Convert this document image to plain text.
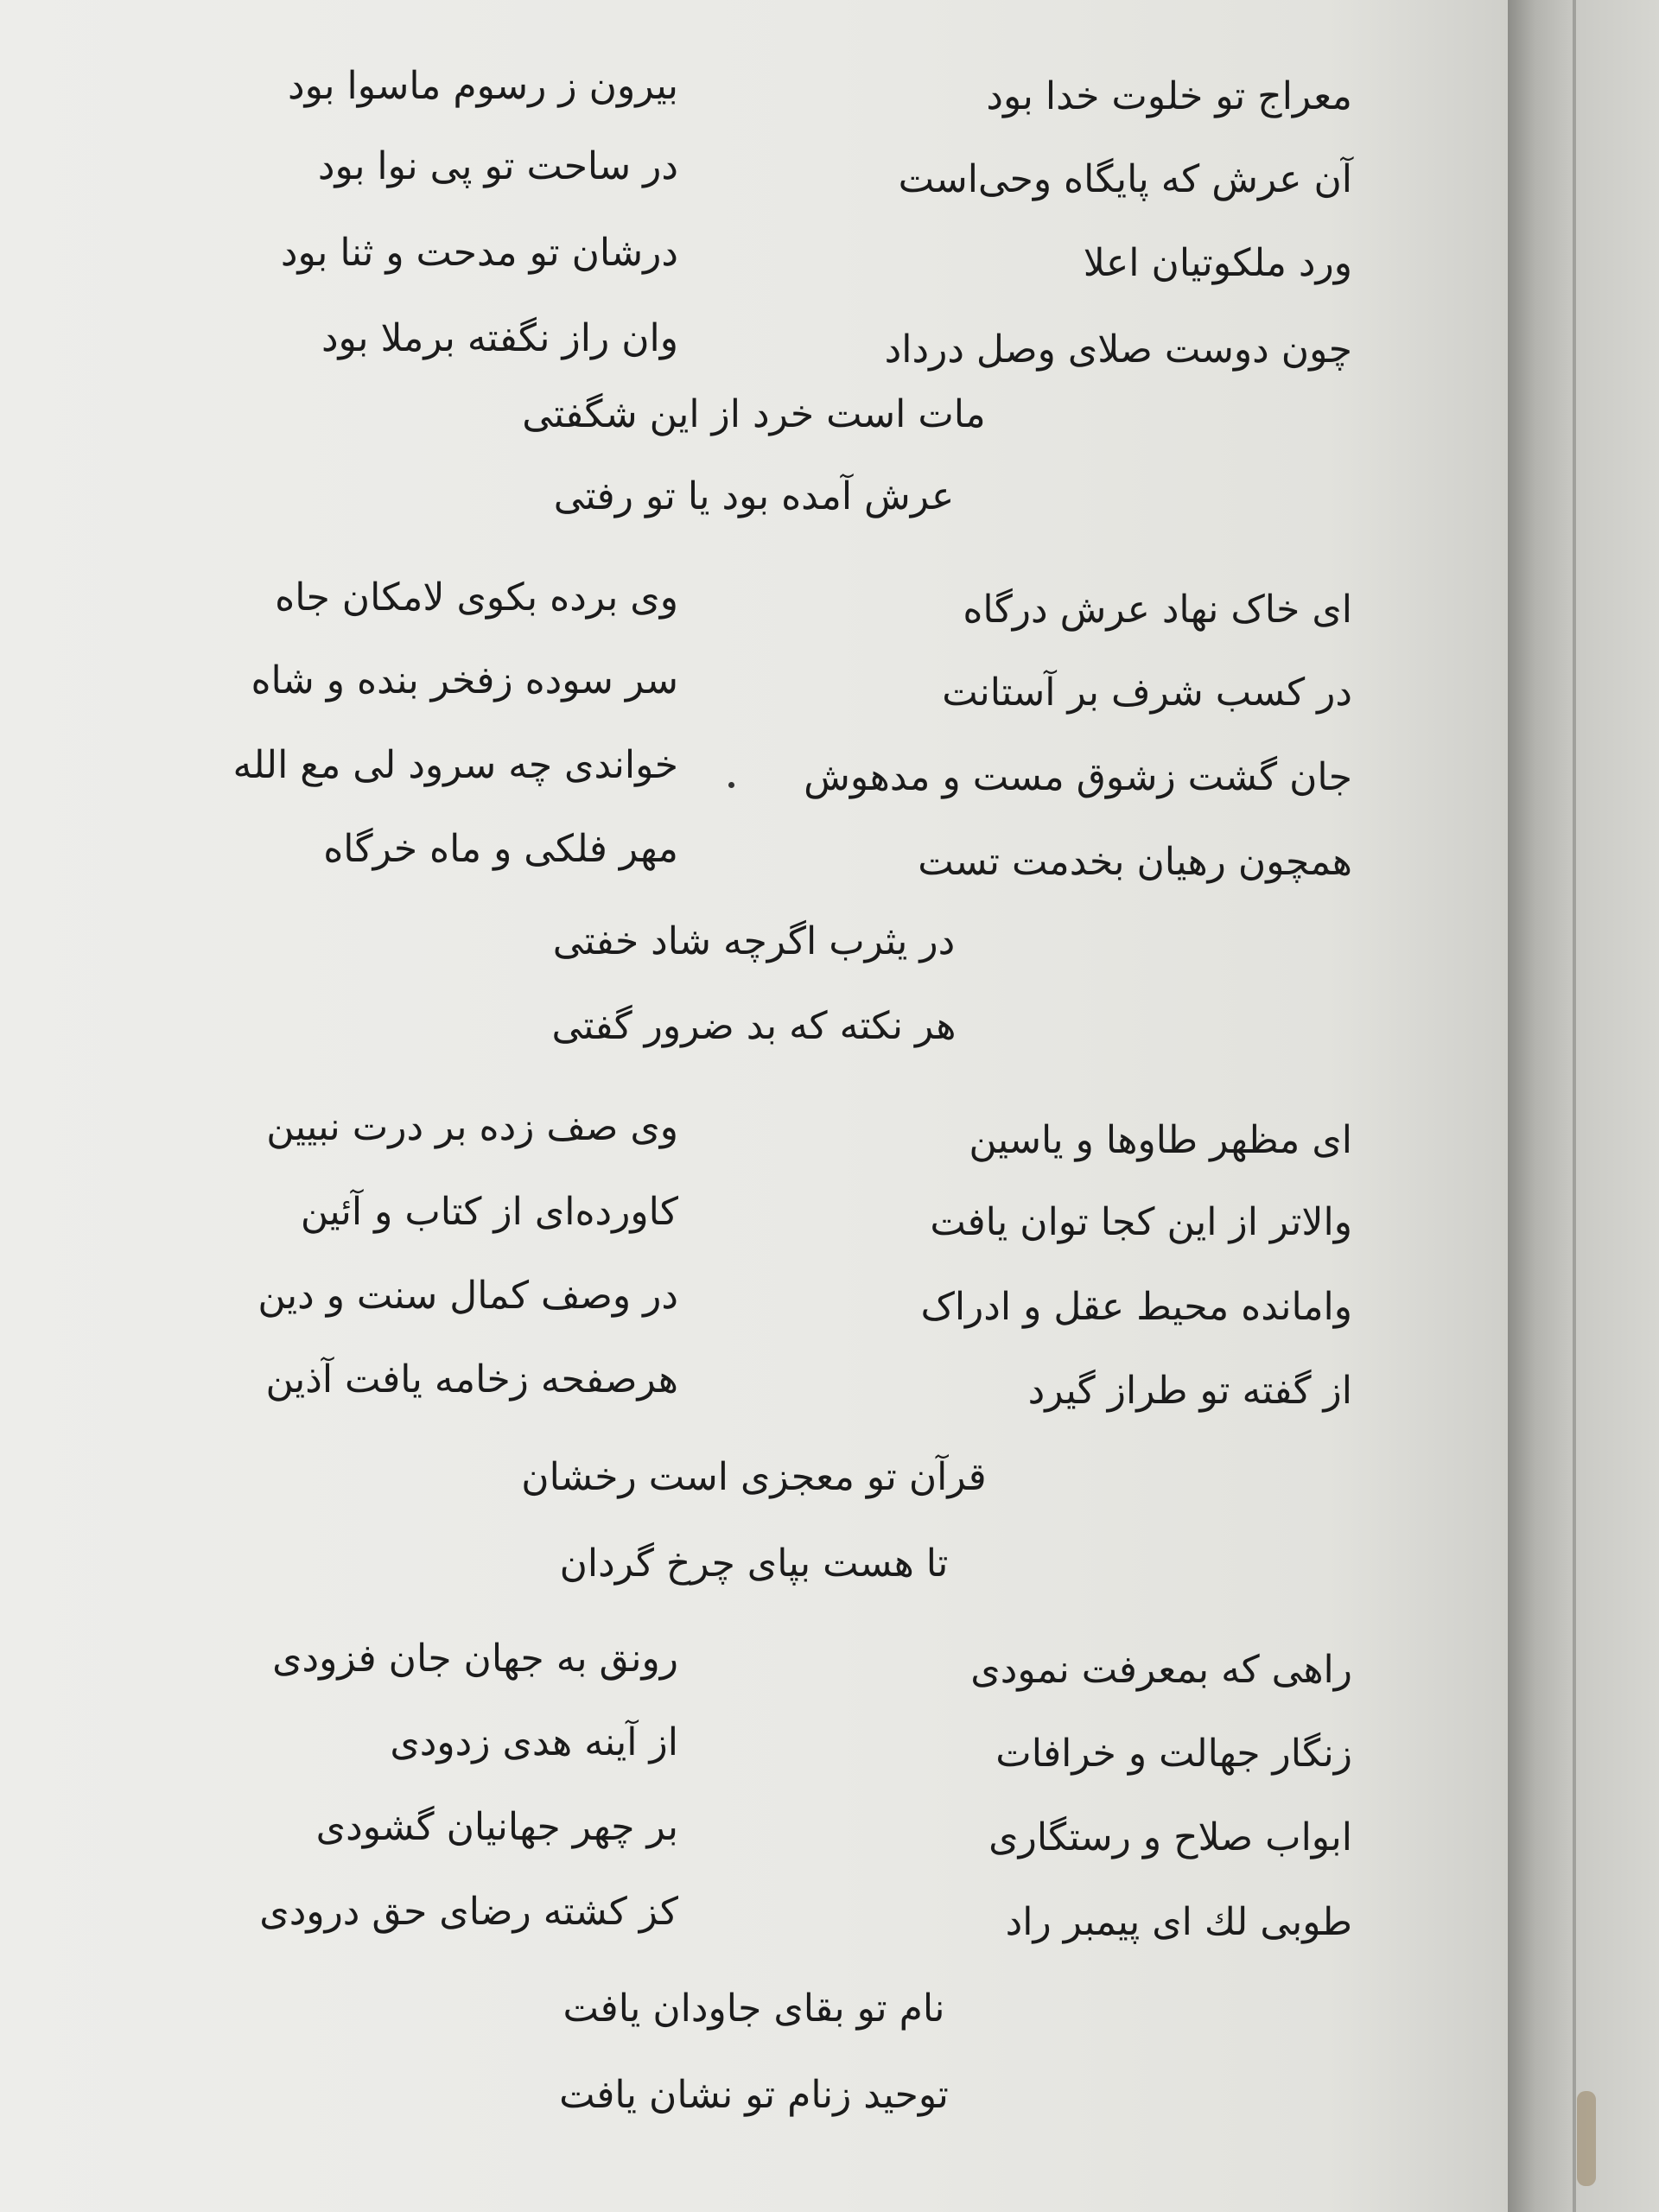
معراج تو خلوت خدا بود

بیرون ز رسوم ماسوا بود

آن عرش که پایگاه وحی‌است

در ساحت تو پی نوا بود

ورد ملکوتیان اعلا

درشان تو مدحت و ثنا بود

چون دوست صلای وصل درداد

وان راز نگفته برملا بود

مات است خرد از این شگفتی

عرش آمده بود یا تو رفتی

ای خاک نهاد عرش درگاه

وی برده بکوی لامکان جاه

در کسب شرف بر آستانت

سر سوده زفخر بنده و شاه

جان گشت زشوق مست و مدهوش

خواندی چه سرود لی مع الله

همچون رهیان بخدمت تست

مهر فلکی و ماه خرگاه

در یثرب اگرچه شاد خفتی

هر نکته که بد ضرور گفتی

ای مظهر طاوها و یاسین

وی صف زده بر درت نبیین

والاتر از این کجا توان یافت

کاورده‌ای از کتاب و آئین

وامانده محیط عقل و ادراک

در وصف کمال سنت و دین

از گفته تو طراز گیرد

هرصفحه زخامه یافت آذین

قرآن تو معجزی است رخشان

تا هست بپای چرخ گردان

راهی که بمعرفت نمودی

رونق به جهان جان فزودی

زنگار جهالت و خرافات

از آینه هدی زدودی

ابواب صلاح و رستگاری

بر چهر جهانیان گشودی

طوبی لك ای پیمبر راد

کز کشته رضای حق درودی

نام تو بقای جاودان یافت

توحید زنام تو نشان یافت
